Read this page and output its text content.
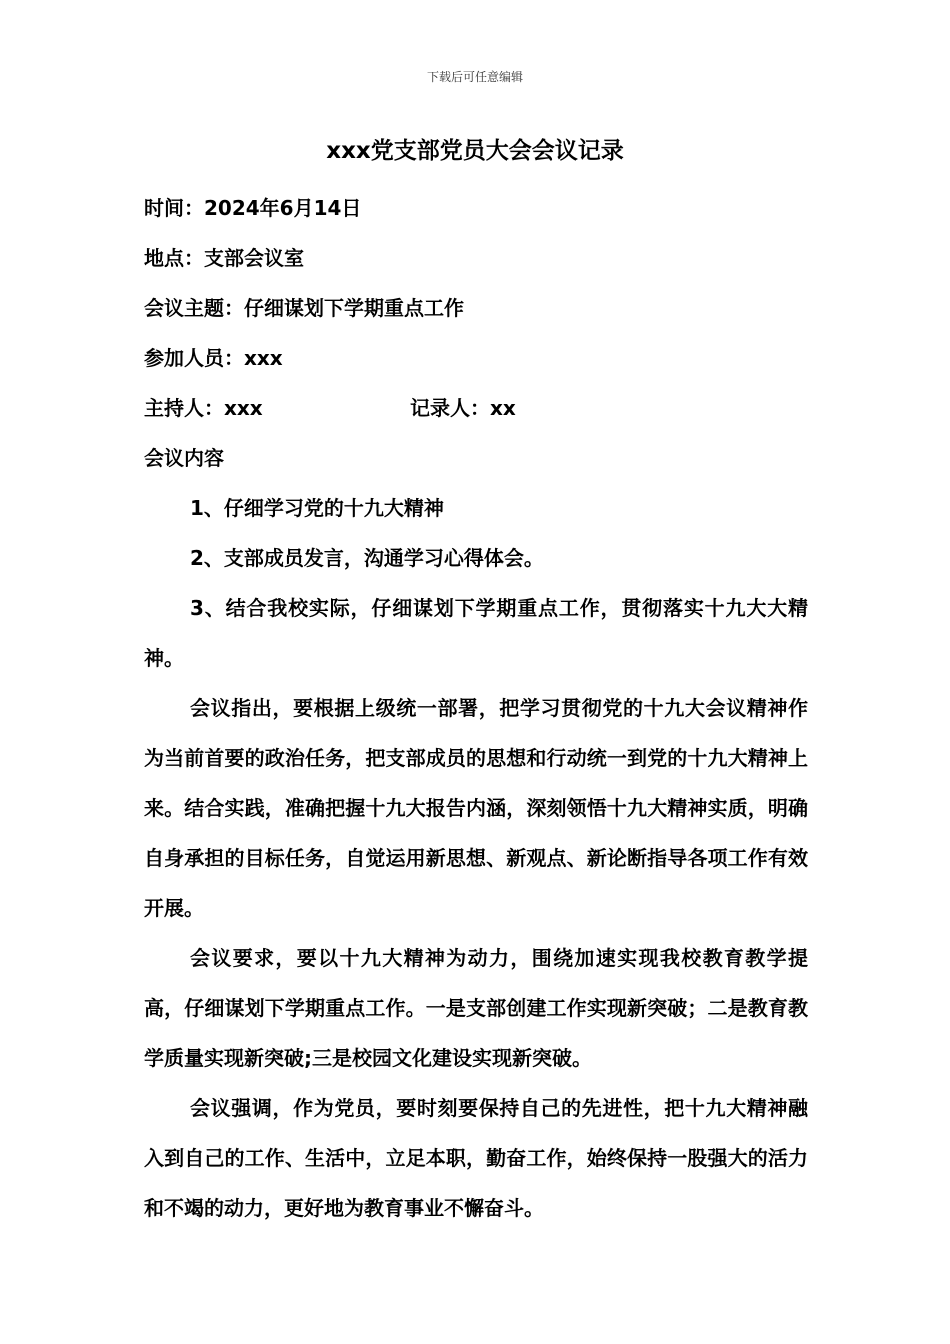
下载后可任意编辑
xxx党支部党员大会会议记录
时间：2024年6月14日
地点：支部会议室
会议主题：仔细谋划下学期重点工作
参加人员：xxx
主持人：xxx	记录人：xx
会议内容
1、仔细学习党的十九大精神
2、支部成员发言，沟通学习心得体会。
3、结合我校实际，仔细谋划下学期重点工作，贯彻落实十九大大精神。
会议指出，要根据上级统一部署，把学习贯彻党的十九大会议精神作为当前首要的政治任务，把支部成员的思想和行动统一到党的十九大精神上来。结合实践，准确把握十九大报告内涵，深刻领悟十九大精神实质，明确自身承担的目标任务，自觉运用新思想、新观点、新论断指导各项工作有效开展。
会议要求，要以十九大精神为动力，围绕加速实现我校教育教学提高，仔细谋划下学期重点工作。一是支部创建工作实现新突破；二是教育教学质量实现新突破;三是校园文化建设实现新突破。
会议强调，作为党员，要时刻要保持自己的先进性，把十九大精神融入到自己的工作、生活中，立足本职，勤奋工作，始终保持一股强大的活力和不竭的动力，更好地为教育事业不懈奋斗。
